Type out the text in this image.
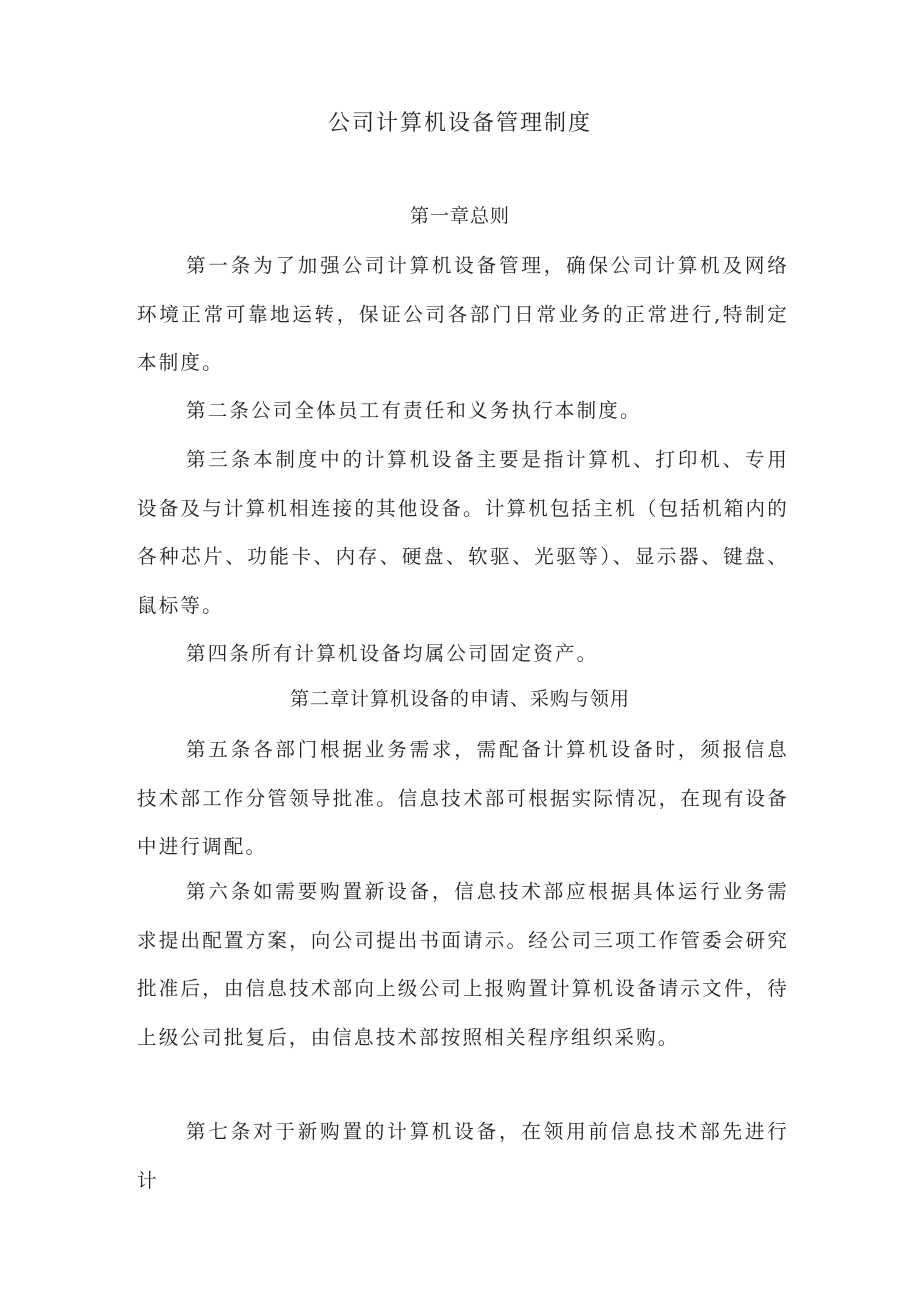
公司计算机设备管理制度
第一章总则

第一条为了加强公司计算机设备管理，确保公司计算机及网络环境正常可靠地运转，保证公司各部门日常业务的正常进行,特制定本制度。

第二条公司全体员工有责任和义务执行本制度。

第三条本制度中的计算机设备主要是指计算机、打印机、专用设备及与计算机相连接的其他设备。计算机包括主机（包括机箱内的各种芯片、功能卡、内存、硬盘、软驱、光驱等）、显示器、键盘、鼠标等。

第四条所有计算机设备均属公司固定资产。

第二章计算机设备的申请、采购与领用

第五条各部门根据业务需求，需配备计算机设备时，须报信息技术部工作分管领导批准。信息技术部可根据实际情况，在现有设备中进行调配。

第六条如需要购置新设备，信息技术部应根据具体运行业务需求提出配置方案，向公司提出书面请示。经公司三项工作管委会研究批准后，由信息技术部向上级公司上报购置计算机设备请示文件，待上级公司批复后，由信息技术部按照相关程序组织采购。

第七条对于新购置的计算机设备，在领用前信息技术部先进行计
